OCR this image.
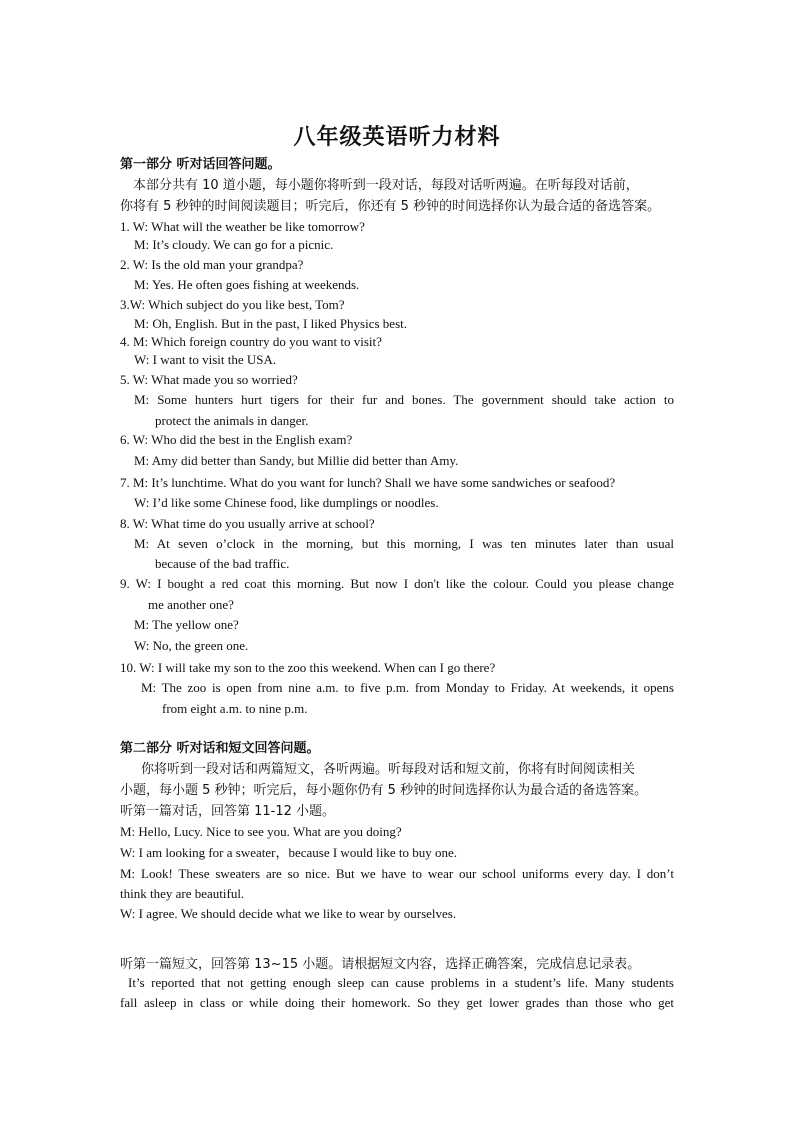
八年级英语听力材料
第一部分 听对话回答问题。
本部分共有 10 道小题，每小题你将听到一段对话，每段对话听两遍。在听每段对话前，
你将有 5 秒钟的时间阅读题目；听完后，你还有 5 秒钟的时间选择你认为最合适的备选答案。
1. W: What will the weather be like tomorrow?
M: It’s cloudy. We can go for a picnic.
2. W: Is the old man your grandpa?
M: Yes. He often goes fishing at weekends.
3.W: Which subject do you like best, Tom?
M: Oh, English. But in the past, I liked Physics best.
4. M: Which foreign country do you want to visit?
W: I want to visit the USA.
5. W: What made you so worried?
M: Some hunters hurt tigers for their fur and bones. The government should take action to
protect the animals in danger.
6. W: Who did the best in the English exam?
M: Amy did better than Sandy, but Millie did better than Amy.
7. M: It’s lunchtime. What do you want for lunch? Shall we have some sandwiches or seafood?
W: I’d like some Chinese food, like dumplings or noodles.
8. W: What time do you usually arrive at school?
M: At seven o’clock in the morning, but this morning, I was ten minutes later than usual
because of the bad traffic.
9. W: I bought a red coat this morning. But now I don't like the colour. Could you please change
me another one?
M: The yellow one?
W: No, the green one.
10. W: I will take my son to the zoo this weekend. When can I go there?
M: The zoo is open from nine a.m. to five p.m. from Monday to Friday. At weekends, it opens
from eight a.m. to nine p.m.
第二部分 听对话和短文回答问题。
你将听到一段对话和两篇短文，各听两遍。听每段对话和短文前，你将有时间阅读相关
小题，每小题 5 秒钟；听完后，每小题你仍有 5 秒钟的时间选择你认为最合适的备选答案。
听第一篇对话，回答第 11-12 小题。
M: Hello, Lucy. Nice to see you. What are you doing?
W: I am looking for a sweater，because I would like to buy one.
M: Look! These sweaters are so nice. But we have to wear our school uniforms every day. I don’t
think they are beautiful.
W: I agree. We should decide what we like to wear by ourselves.
听第一篇短文，回答第 13~15 小题。请根据短文内容，选择正确答案，完成信息记录表。
It’s reported that not getting enough sleep can cause problems in a student’s life. Many students
fall asleep in class or while doing their homework. So they get lower grades than those who get
